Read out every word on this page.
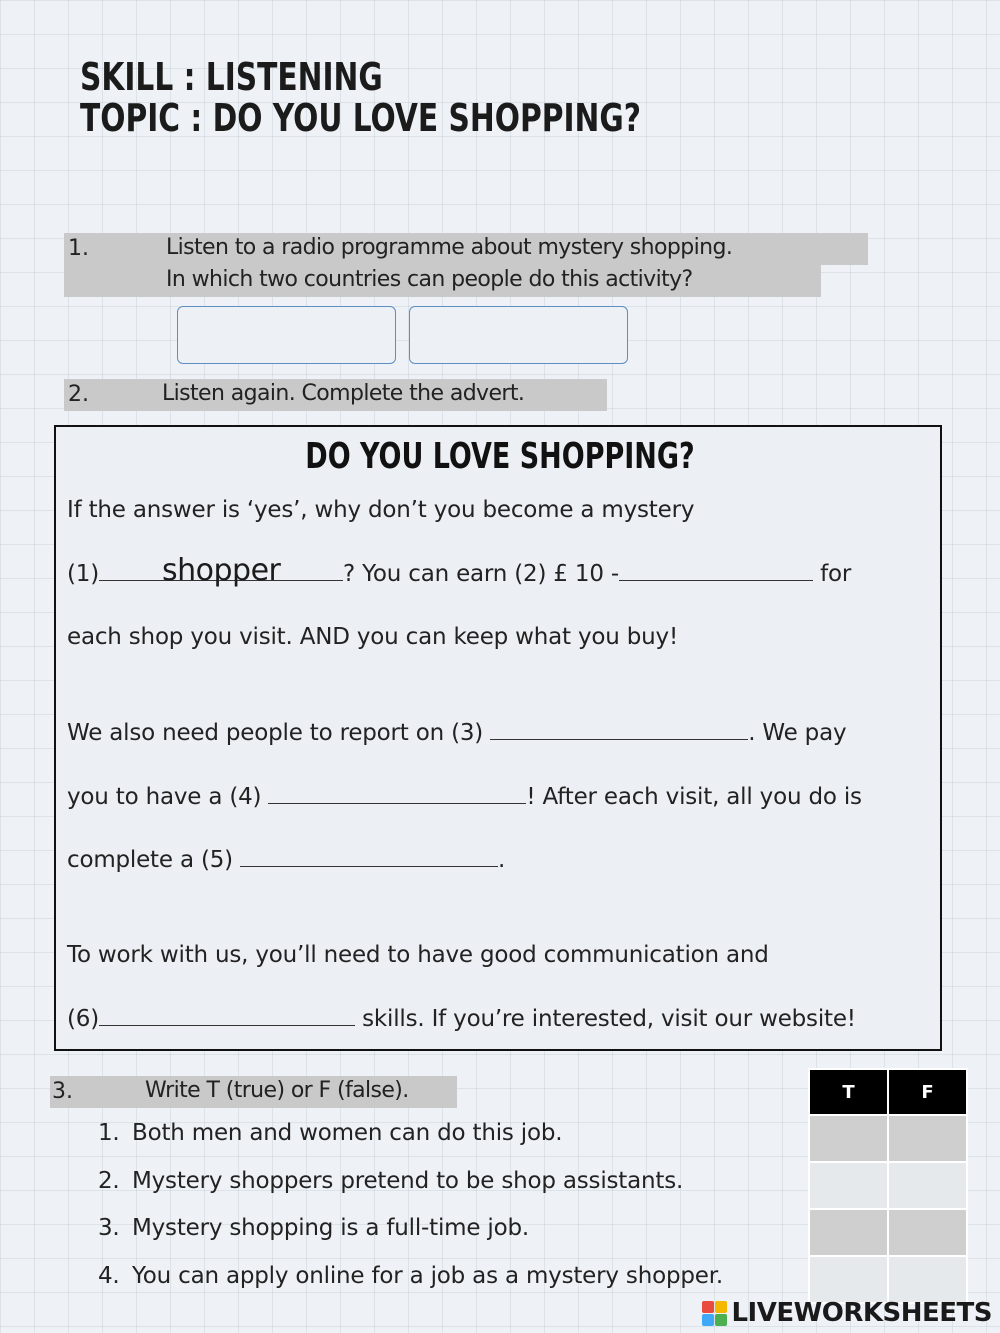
SKILL : LISTENING
TOPIC : DO YOU LOVE SHOPPING?
1.	Listen to a radio programme about mystery shopping.
In which two countries can people do this activity?
2.	Listen again. Complete the advert.
DO YOU LOVE SHOPPING?
If the answer is ‘yes’, why don’t you become a mystery
(1)	? You can earn (2) £ 10 -	for
shopper
each shop you visit. AND you can keep what you buy!
We also need people to report on (3)	. We pay
you to have a (4)	! After each visit, all you do is
complete a (5)	.
To work with us, you’ll need to have good communication and
(6)	skills. If you’re interested, visit our website!
3.	Write T (true) or F (false).	T	F

1. Both men and women can do this job.
2. Mystery shoppers pretend to be shop assistants.
3. Mystery shopping is a full-time job.
4. You can apply online for a job as a mystery shopper.
LIVEWORKSHEETS
